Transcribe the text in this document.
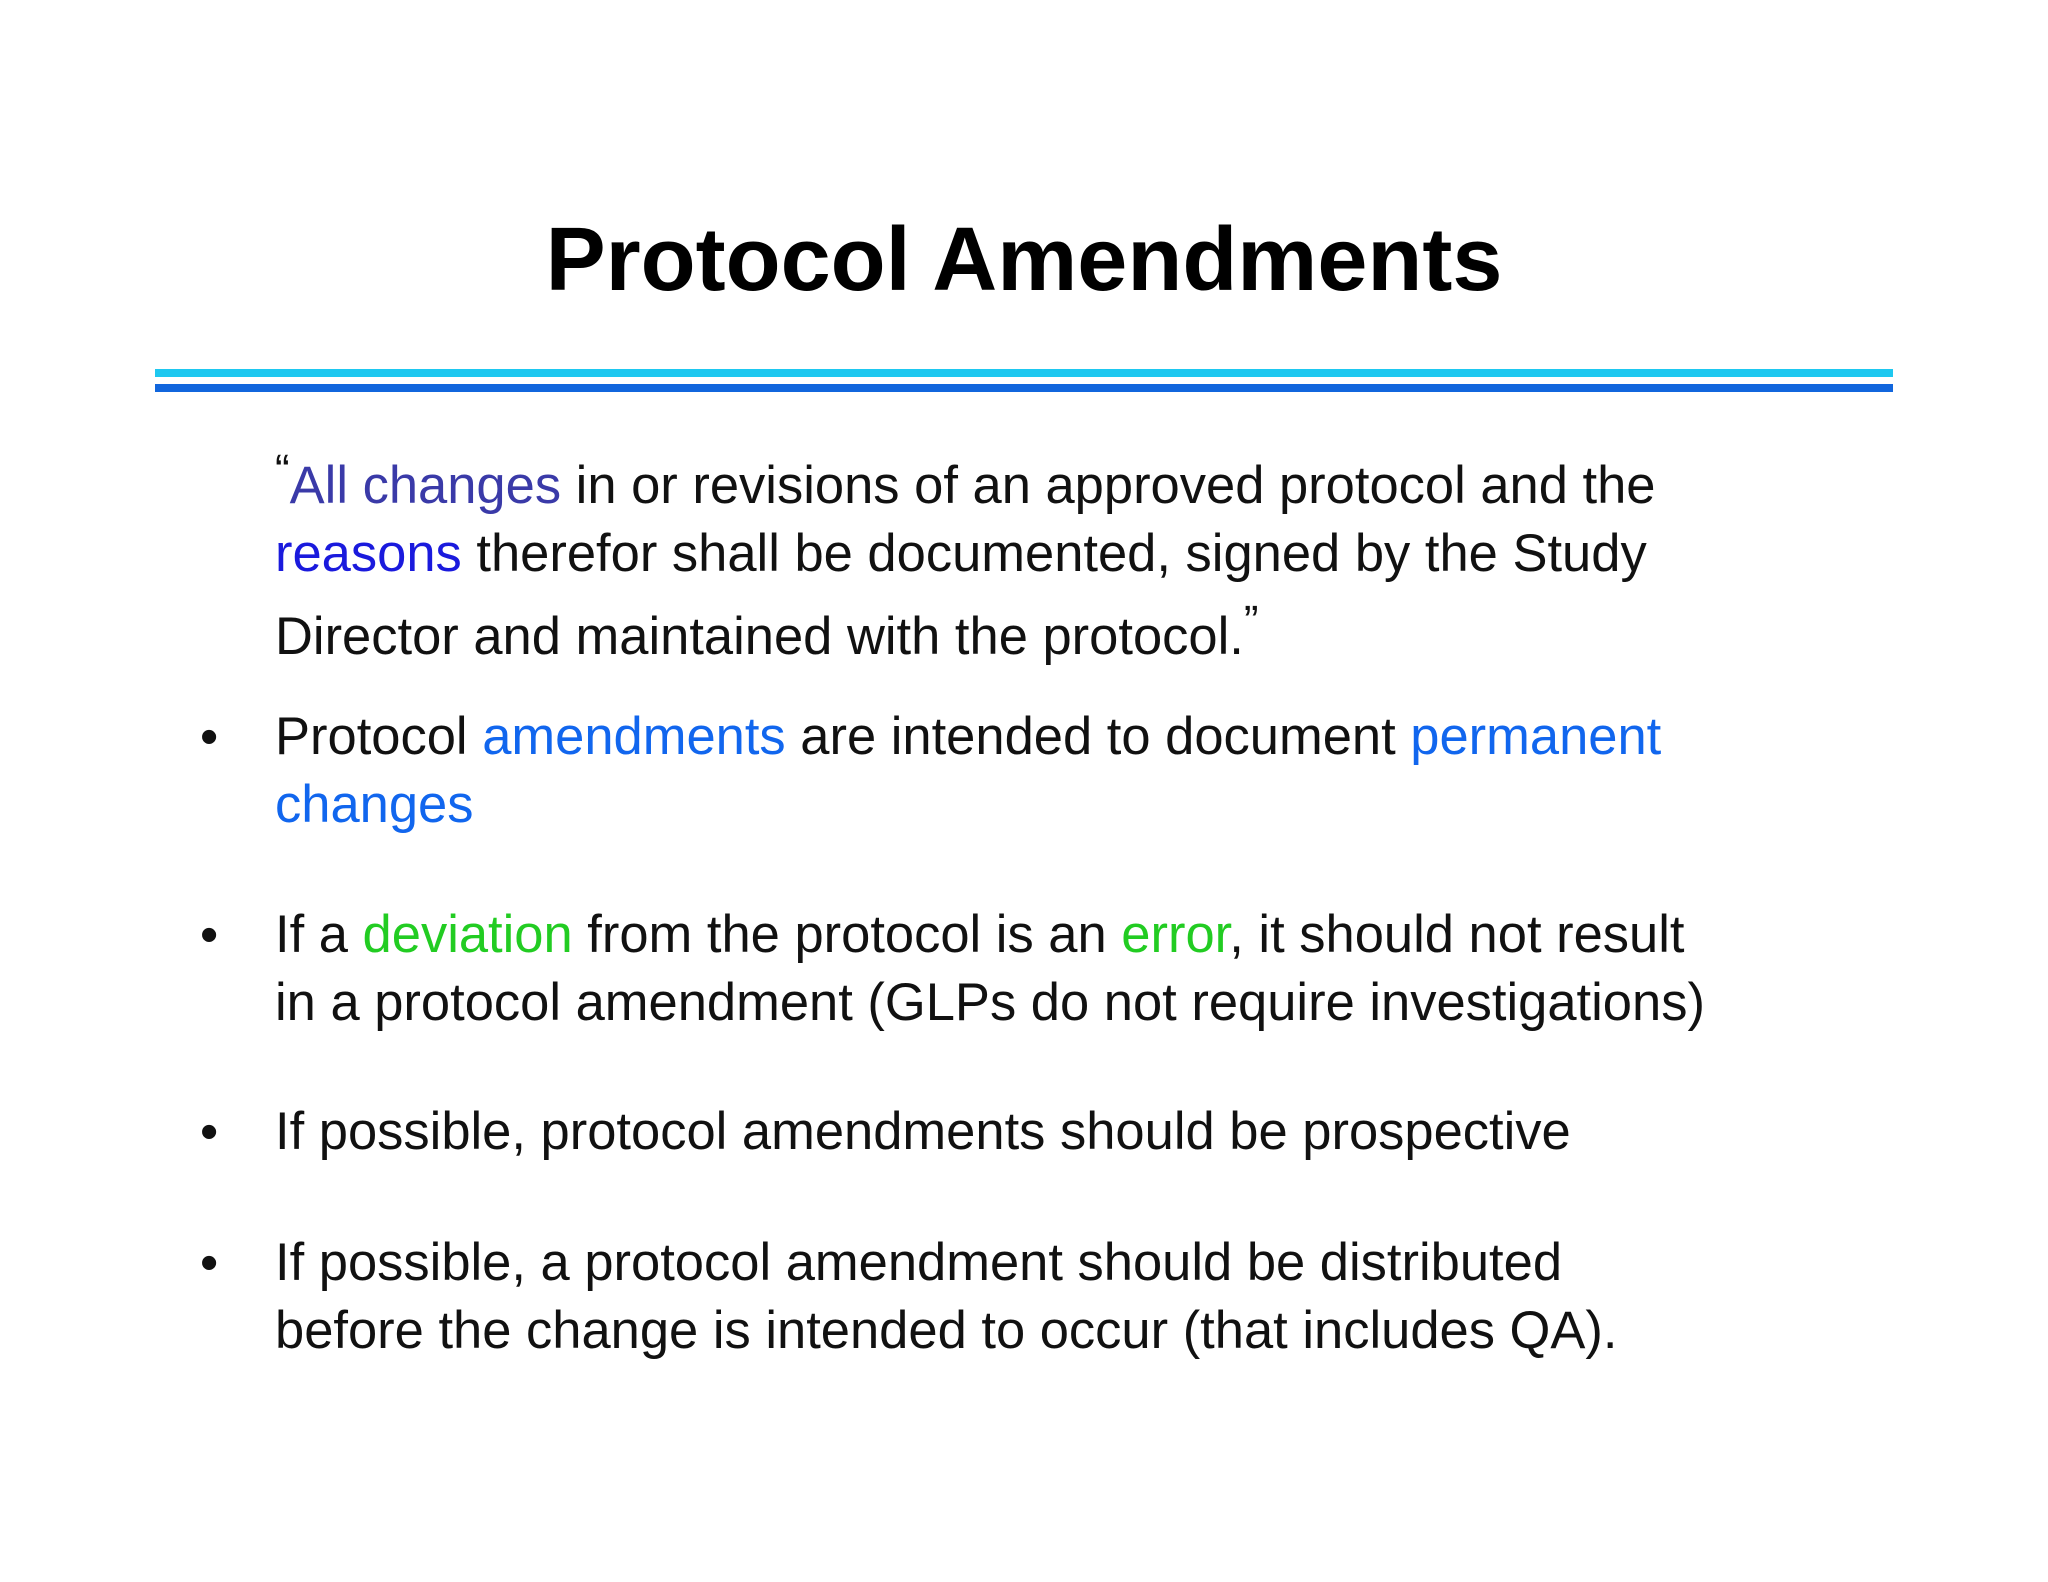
Protocol Amendments
“All changes in or revisions of an approved protocol and the
reasons therefor shall be documented, signed by the Study
Director and maintained with the protocol.”
• Protocol amendments are intended to document permanent
changes
• If a deviation from the protocol is an error, it should not result
in a protocol amendment (GLPs do not require investigations)
• If possible, protocol amendments should be prospective
• If possible, a protocol amendment should be distributed
before the change is intended to occur (that includes QA).
